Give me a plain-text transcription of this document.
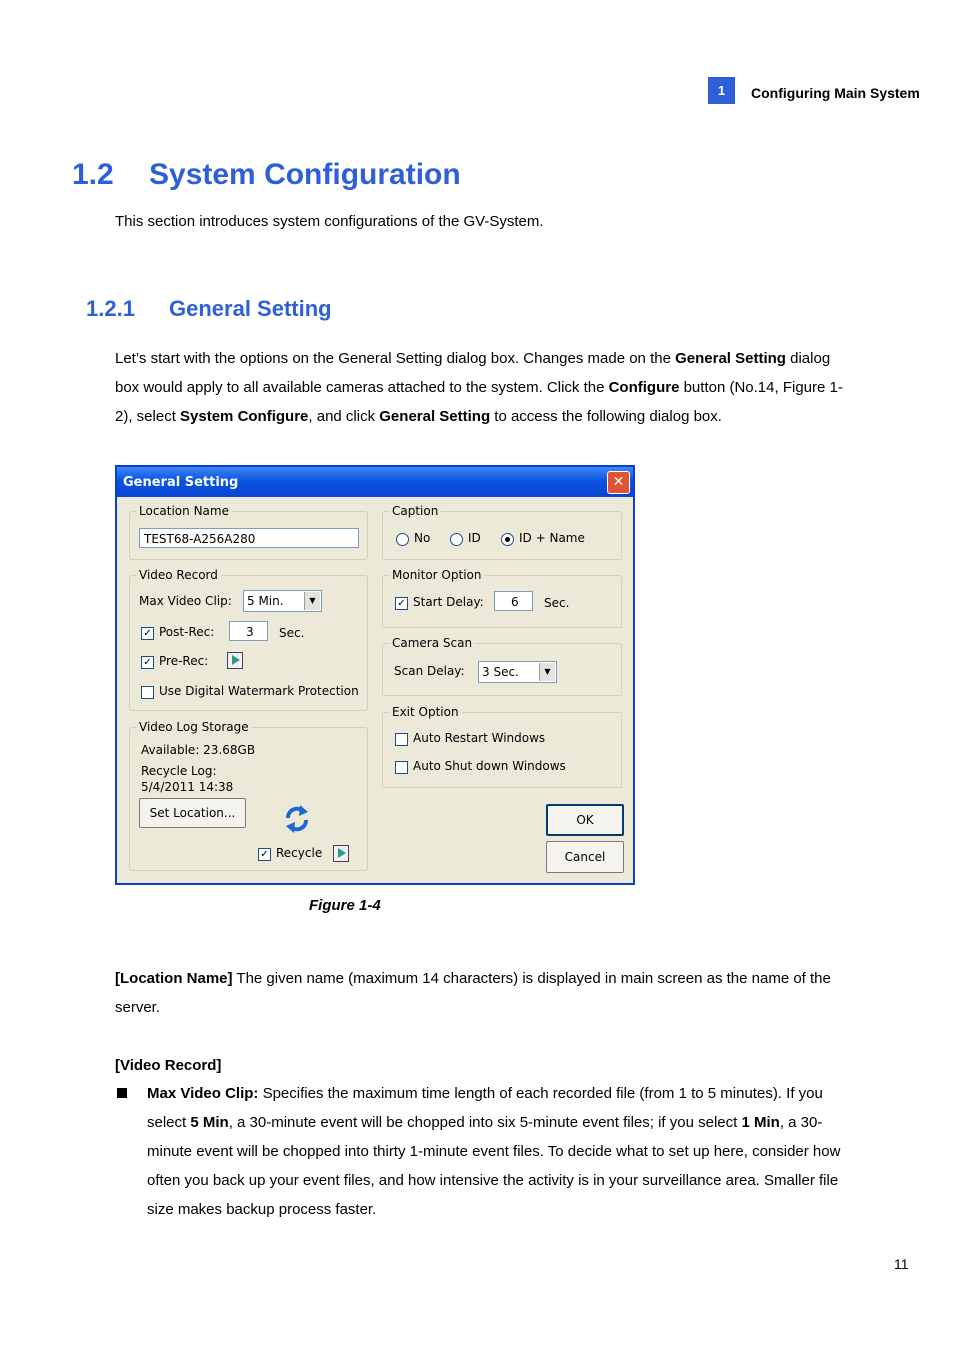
1	Configuring Main System
1.2 System Configuration
This section introduces system configurations of the GV-System.
1.2.1 General Setting
Let’s start with the options on the General Setting dialog box. Changes made on the General Setting dialog box would apply to all available cameras attached to the system. Click the Configure button (No.14, Figure 1-2), select System Configure, and click General Setting to access the following dialog box.
General Setting	✕
Location Name
TEST68-A256A280
Caption
No	ID	ID + Name
Video Record
Max Video Clip:	5 Min.	▼
✓ Post-Rec:	3	Sec.
✓ Pre-Rec:
Use Digital Watermark Protection
Monitor Option
✓ Start Delay:	6	Sec.
Camera Scan
Scan Delay:	3 Sec.	▼
Video Log Storage
Available: 23.68GB
Recycle Log:
5/4/2011 14:38
Set Location...
✓ Recycle
Exit Option
Auto Restart Windows
Auto Shut down Windows
OK
Cancel
Figure 1-4
[Location Name] The given name (maximum 14 characters) is displayed in main screen as the name of the server.
[Video Record]
Max Video Clip: Specifies the maximum time length of each recorded file (from 1 to 5 minutes). If you select 5 Min, a 30-minute event will be chopped into six 5-minute event files; if you select 1 Min, a 30-minute event will be chopped into thirty 1-minute event files. To decide what to set up here, consider how often you back up your event files, and how intensive the activity is in your surveillance area. Smaller file size makes backup process faster.
11
